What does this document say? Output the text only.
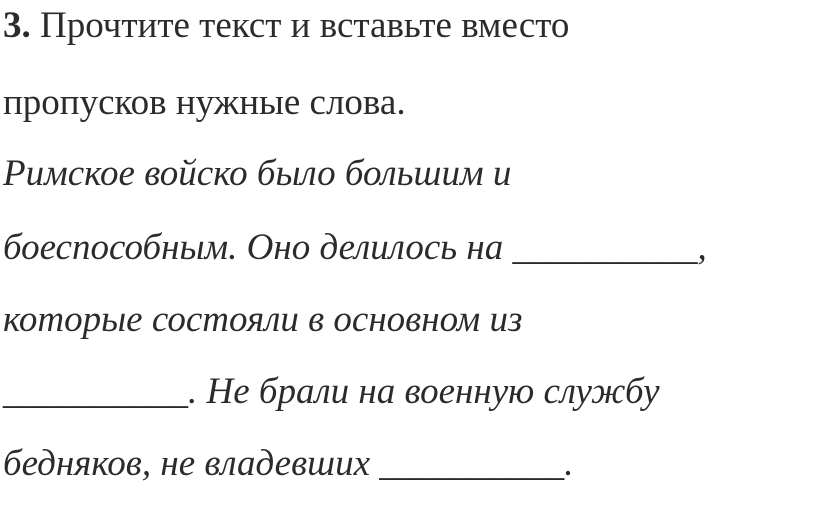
3. Прочтите текст и вставьте вместо

пропусков нужные слова.

Римское войско было большим и

боеспособным. Оно делилось на __________,

которые состояли в основном из

__________. Не брали на военную службу

бедняков, не владевших __________.
